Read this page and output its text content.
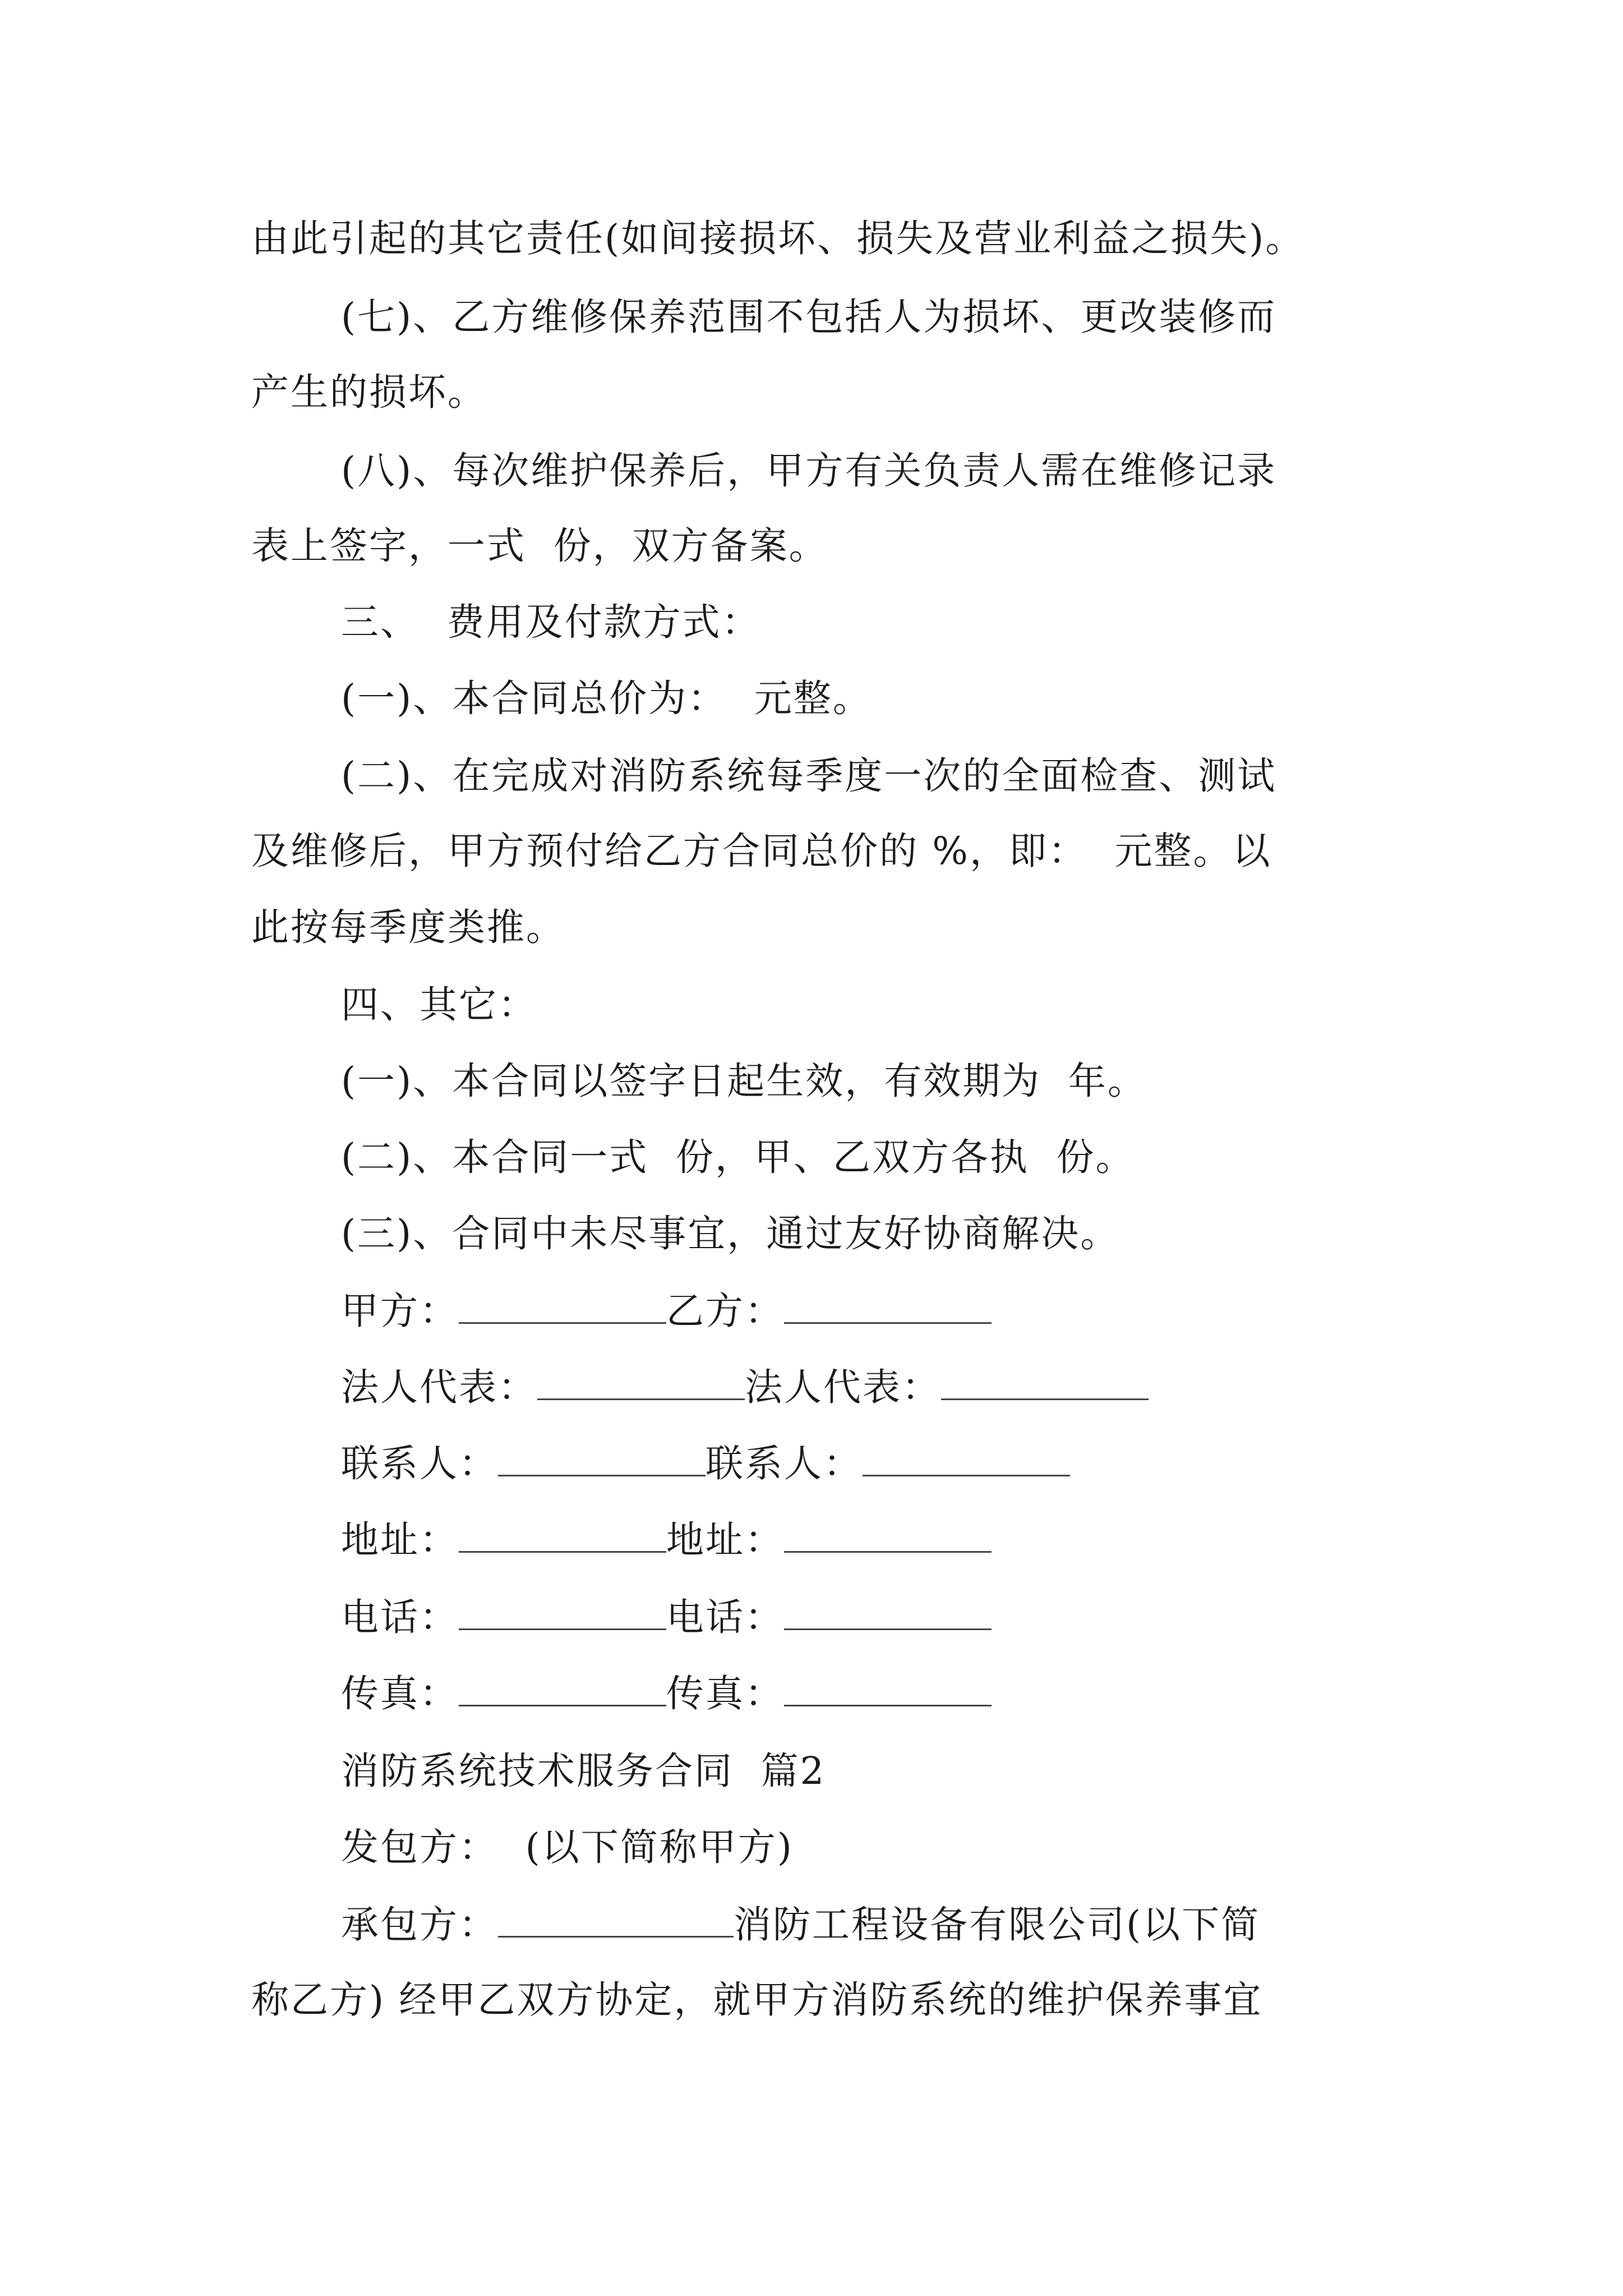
由此引起的其它责任(如间接损坏、损失及营业利益之损失)。
(七)、乙方维修保养范围不包括人为损坏、更改装修而
产生的损坏。
(八)、每次维护保养后，甲方有关负责人需在维修记录
表上签字，一式  份，双方备案。
三、  费用及付款方式：
(一)、本合同总价为：  元整。
(二)、在完成对消防系统每季度一次的全面检查、测试
及维修后，甲方预付给乙方合同总价的 %，即：  元整。以
此按每季度类推。
四、其它：
(一)、本合同以签字日起生效，有效期为  年。
(二)、本合同一式  份，甲、乙双方各执  份。
(三)、合同中未尽事宜，通过友好协商解决。
甲方：	乙方：
法人代表：	法人代表：
联系人：	联系人：
地址：	地址：
电话：	电话：
传真：	传真：
消防系统技术服务合同  篇2
发包方：  (以下简称甲方)
承包方：	消防工程设备有限公司(以下简
称乙方) 经甲乙双方协定，就甲方消防系统的维护保养事宜
